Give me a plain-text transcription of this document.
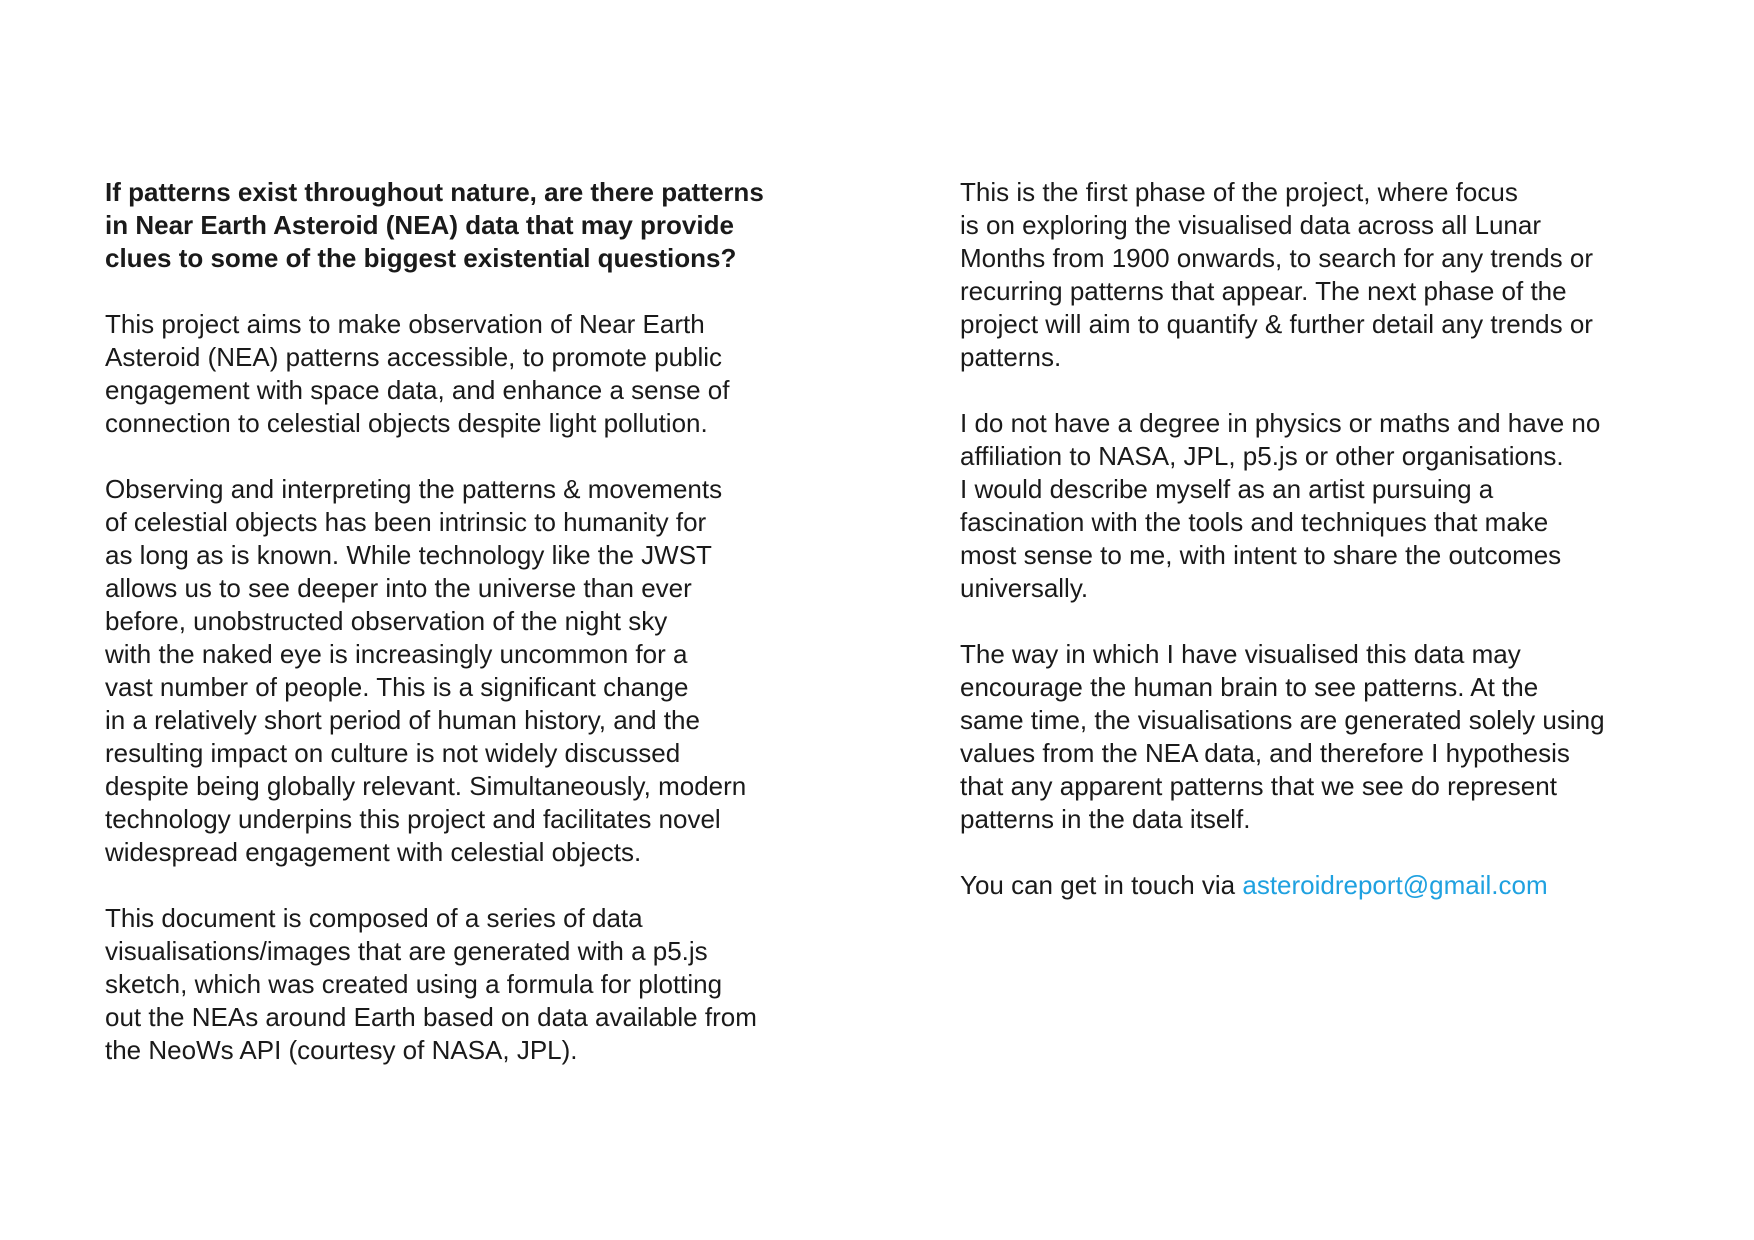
If patterns exist throughout nature, are there patterns
in Near Earth Asteroid (NEA) data that may provide
clues to some of the biggest existential questions?

This project aims to make observation of Near Earth
Asteroid (NEA) patterns accessible, to promote public
engagement with space data, and enhance a sense of
connection to celestial objects despite light pollution.

Observing and interpreting the patterns & movements
of celestial objects has been intrinsic to humanity for
as long as is known. While technology like the JWST
allows us to see deeper into the universe than ever
before, unobstructed observation of the night sky
with the naked eye is increasingly uncommon for a
vast number of people. This is a significant change
in a relatively short period of human history, and the
resulting impact on culture is not widely discussed
despite being globally relevant. Simultaneously, modern
technology underpins this project and facilitates novel
widespread engagement with celestial objects.

This document is composed of a series of data
visualisations/images that are generated with a p5.js
sketch, which was created using a formula for plotting
out the NEAs around Earth based on data available from
the NeoWs API (courtesy of NASA, JPL).

This is the first phase of the project, where focus
is on exploring the visualised data across all Lunar
Months from 1900 onwards, to search for any trends or
recurring patterns that appear. The next phase of the
project will aim to quantify & further detail any trends or
patterns.

I do not have a degree in physics or maths and have no
affiliation to NASA, JPL, p5.js or other organisations.
I would describe myself as an artist pursuing a
fascination with the tools and techniques that make
most sense to me, with intent to share the outcomes
universally.

The way in which I have visualised this data may
encourage the human brain to see patterns. At the
same time, the visualisations are generated solely using
values from the NEA data, and therefore I hypothesis
that any apparent patterns that we see do represent
patterns in the data itself.

You can get in touch via asteroidreport@gmail.com
